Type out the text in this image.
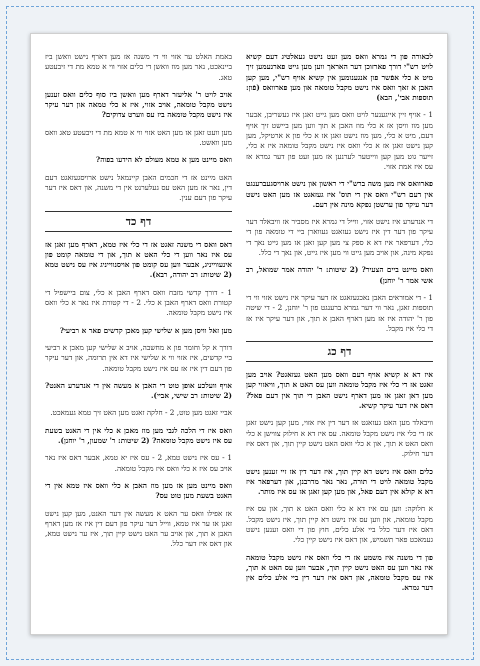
לכאורה פון די גמרא וואס מען זעט נישט געאלטיג דעם קשיא לויט רש"י דורך פארזוכן דער האראך ווען מען גייט פארנעמען זיך מיט א כלי אפֿשר פון אנגענומען אין קשיא אויף רש"י, מען קען האבן א זאך וואס איז נישט מקבל טומאה און מען פארוואס (פֿון: תוספות אבי', הבא)

1 - אויף זיין אייגענער לויט וואס מען גייט זאגן איז געשריבן, אבער מען מוז וויסן אז א כלי מוז האבן א תוך ווען מען ביישט זיך אויף דעם, מיט א כלי, מען מוז נישט זאגן אז א כלי פון א ארטיקל, מען קען נישט זאגן אז א כלי וואס איז נישט מקבל טומאה איז א כלי, זייער גוט מען קען ווייטער לערנען אז מען זעט פון דער גמרא אז עס איז אמת אזוי.

פארוואס איז מען משה ברש"י די ראשון און נישט ארויסגעברענגט אין דעם רש"י וואס אין די תוס' איז געזאגט אז מען האט נישט דער עיקר פון ערשטן נפקא מינה אין דעם.

די אנדערע איז נישט אזוי, ווייל די גמרא איז מסביר אז וויבאלד דער עיקר פון דער דין איז נישט געזאגט געווארן ביי די טומאה פון די כלי, דערפאר איז דא א ספק צי מען קען זאגן אז מען גייט נאך די נפקא מינה, און אויב מען גייט ווי מען איז גייט, און נאך די כלל.

וואס מיינט ביים הצעיר? (2 שיטות: ר' יהודה אמר שמואל, רב אשי אמר ר' יוחנן)

1 - די אמוראים האבן נאכגעזאגט אז דער עיקר איז נישט אזוי ווי די תוספות זאגן, נאר ווי דער גמרא ברענגט פון ר' יוחנן, 2 - די שיטה פון ר' יהודה איז אז מען דארף האבן א תוך, און דער עיקר איז אז די כלי איז מקבל.

דף כג

איז דא א קשיא אויף דעם וואס מען האט געזאגט? אויב מען זאגט אז די כלי איז מקבל טומאה ווען עס האט א תוך, וויאזוי קען מען דאן זאגן אז מען דארף נישט האבן די תוך אין דעם פאל? דאס איז דער עיקר קשיא.

וויבאלד מען האט געזאגט אז דער דין איז אזוי, מען קען נישט זאגן אז די כלי איז נישט מקבל טומאה. עס איז דא א חילוק צווישן א כלי וואס האט א תוך, און א כלי וואס האט נישט קיין תוך, און דאס איז דער חילוק.

כלים וואס איז נישט דא קיין תוך, איז דער דין אז זיי זענען נישט מקבל טומאה לויט די תורה, נאר נאר מדרבנן, און דערפאר איז דא א קולא אין דעם פאל, און מען קען זאגן אז עס איז מותר.

א חלוקה: ווען עס איז דא א כלי וואס האט א תוך, און עס איז מקבל טומאה, און ווען עס איז נישט דא קיין תוך, איז נישט מקבל. דאס איז דער כלל ביי אלע כלים, חוץ פון די וואס זענען נישט געמאכט פאר תשמיש, און דאס איז נישט קיין כלי.

פון די משנה איז משמע אז די כלי וואס איז נישט מקבל טומאה איז נאר ווען עס האט נישט קיין תוך, אבער ווען עס האט א תוך, איז עס מקבל טומאה, און דאס איז דער דין ביי אלע כלים אין דער גמרא.

באמת האלט ער אזוי ווי די משנה אז מען דארף נישט וואשן ביז ביינאכט, נאר מען מוז וואשן די כלים אזוי ווי א טמא מת די זיבעטע טאג.

אויב לויט ר' אליעזר דארף מען וואשן ביז סוף כלים וואס זענען נישט מקבל טומאה, אויב אזוי, איז א כלי טמאה און דער עיקר איז נישט מקבל טומאה ביז עס ווערט צדוקים?

מען וועט זאגן אז מען האט אזוי ווי א טמא מת די זיבעטע טאג וואס מען וואשט.

וואס מיינט מען א טמא מעולם לא הידעו בפוה?

האט מיינט אז די חכמים האבן קיינמאל נישט ארויסגעזאגט דעם דין, נאר אז מען האט עס געלערנט אין די משנה, און דאס איז דער עיקר פון דעם ענין.

דף כד

דאס וואס די משנה זאגט אז די כלי איז טמא, דארף מען זאגן אז עס איז נאר ווען די כלי האט א תוך, און די טומאה קומט פון אינעווייניג, אבער ווען עס קומט פון אויסנווייניג איז עס נישט טמא (2 שיטות: רב יהודה, רבא).

1 - דורך קדשי מזבח וואס דארף האבן א כלי, צום ביישפיל די קטורת וואס דארף האבן א כלי. 2 - די קטורת איז נאר א כלי וואס איז נישט מקבל טומאה.

מען זאל וויסן מען א שלישי קען מאכן קדשים פאר א רביעי?

דורך א קל וחומר פון א מחשבה, אויב א שלישי קען מאכן א רביעי ביי קדשים, איז אזוי ווי א שלישי איז דא אין תרומה, און דער עיקר פון דעם דין איז אז עס איז נישט מקבל טומאה.

אויף וועלכע אופן טוט די האבן א מעשה אין די אנדערע האנט? (2 שיטות: רב שישי, אביי).

אביי זאגט מען טוט, 2 - חלקה זאגט מען האט זיך טמא געמאכט.

וואס איז די הלכה לגבי מען מוז מאכן א כלי אין די האנט בשעת עס איז נישט מקבל טומאה? (2 שיטות: ר' שמעון, ר' יוחנן).

1 - עס איז נישט טמא, 2 - עס איז יא טמא, אבער דאס איז נאר אויב עס איז א כלי וואס איז מקבל טומאה.

וואס מיינט מען אז מען מוז האבן א כלי וואס איז טמא אין די האנט בשעת מען טוט עס?

אז אפילו וואס ער האט א מעשה אין דער האנט, מען קען נישט זאגן אז ער איז טמא, ווייל דער עיקר פון דעם דין איז אז מען דארף האבן א תוך, און אויב ער האט נישט קיין תוך, איז ער נישט טמא, און דאס איז דער כלל.
